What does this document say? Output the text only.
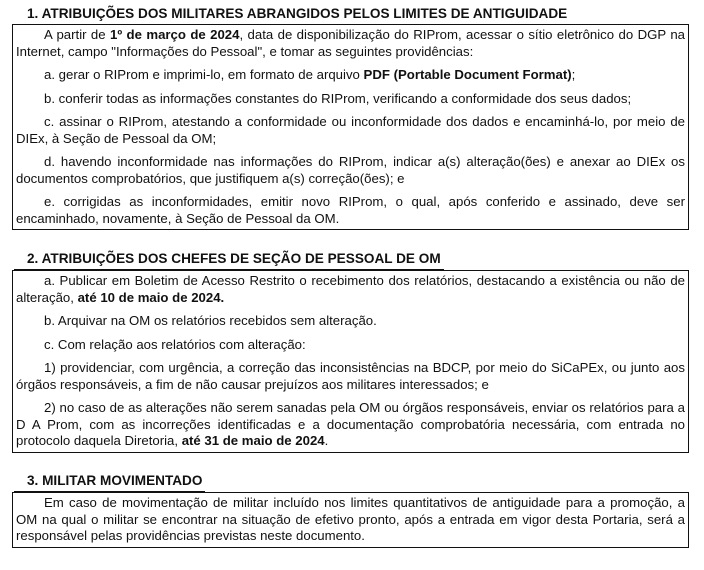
1. ATRIBUIÇÕES DOS MILITARES ABRANGIDOS PELOS LIMITES DE ANTIGUIDADE

A partir de 1º de março de 2024, data de disponibilização do RIProm, acessar o sítio eletrônico do DGP na Internet, campo "Informações do Pessoal", e tomar as seguintes providências:

a. gerar o RIProm e imprimi-lo, em formato de arquivo PDF (Portable Document Format);

b. conferir todas as informações constantes do RIProm, verificando a conformidade dos seus dados;

c. assinar o RIProm, atestando a conformidade ou inconformidade dos dados e encaminhá-lo, por meio de DIEx, à Seção de Pessoal da OM;

d. havendo inconformidade nas informações do RIProm, indicar a(s) alteração(ões) e anexar ao DIEx os documentos comprobatórios, que justifiquem a(s) correção(ões); e

e. corrigidas as inconformidades, emitir novo RIProm, o qual, após conferido e assinado, deve ser encaminhado, novamente, à Seção de Pessoal da OM.

2. ATRIBUIÇÕES DOS CHEFES DE SEÇÃO DE PESSOAL DE OM

a. Publicar em Boletim de Acesso Restrito o recebimento dos relatórios, destacando a existência ou não de alteração, até 10 de maio de 2024.

b. Arquivar na OM os relatórios recebidos sem alteração.

c. Com relação aos relatórios com alteração:

1) providenciar, com urgência, a correção das inconsistências na BDCP, por meio do SiCaPEx, ou junto aos órgãos responsáveis, a fim de não causar prejuízos aos militares interessados; e

2) no caso de as alterações não serem sanadas pela OM ou órgãos responsáveis, enviar os relatórios para a D A Prom, com as incorreções identificadas e a documentação comprobatória necessária, com entrada no protocolo daquela Diretoria, até 31 de maio de 2024.

3. MILITAR MOVIMENTADO

Em caso de movimentação de militar incluído nos limites quantitativos de antiguidade para a promoção, a OM na qual o militar se encontrar na situação de efetivo pronto, após a entrada em vigor desta Portaria, será a responsável pelas providências previstas neste documento.
